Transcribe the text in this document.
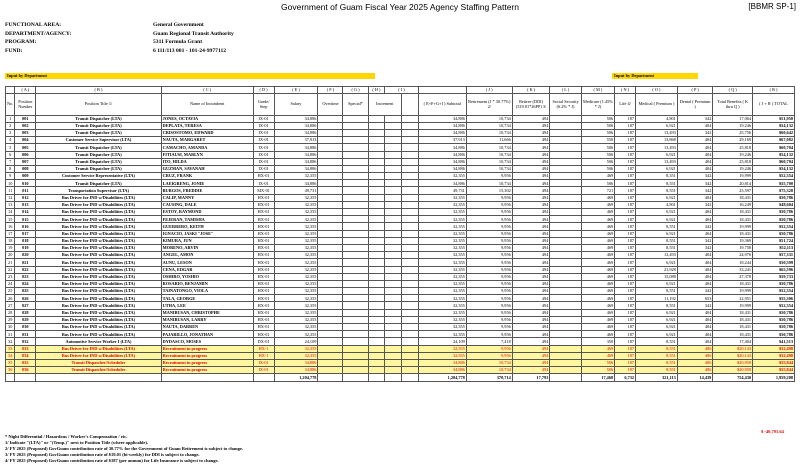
Government of Guam Fiscal Year 2025 Agency Staffing Pattern	[BBMR SP-1]
FUNCTIONAL AREA:	General Government
DEPARTMENT/AGENCY:	Guam Regional Transit Authority
PROGRAM:	5311 Formula Grant
FUND:	6 111/113 001 - 101-24-9977112
Input by Department	Input by Department
	( A )	( B )	( C )	( D )	( E )	( F )	( G )	( H )	( I )			( J )	( K )	( L )	( M )	( N )	( O )	( P )	( Q )	( R )
No.	Position Number	Position Title 1/	Name of Incumbent	Grade/ Step	Salary	Overtime	Special*	Increment			( E+F+G+I ) Subtotal	Retirement (J * 30.77%) 2/	Retiree (DDI) (519.01*26PP) 3/	Social Security (6.2% * J)	Medicare (1.45% * J)	Life 4/	Medical ( Premium )	Dental ( Premium )	Total Benefits ( K thru Q )	( J + R ) TOTAL
1	001	Transit Dispatcher (LTA)	JONES, OCTAVIA	IX-01	34,886						34,886	10,734	494		506	187	4,801	342	17,064	$51,950
2	002	Transit Dispatcher (LTA)	DEPLATA, TERESA	IX-01	34,886						34,886	10,734	494		506	187	6,921	404	19,246	$54,132
3	003	Transit Dispatcher (LTA)	CRISOSTOMO, EDWARD	IX-01	34,886						34,886	10,734	494		506	187	13,493	342	25,756	$60,642
4	004	Customer Service Supervisor (LTA)	NAUTA, MARGARET	JX-01	37,913						37,913	11,666	494		550	187	13,868	404	29,169	$67,082
5	005	Transit Dispatcher (LTA)	CAMACHO, AMANDA	IX-01	34,886						34,886	10,734	494		506	187	13,493	404	25,818	$60,704
6	006	Transit Dispatcher (LTA)	FITIAUSI, MARLYN	IX-01	34,886						34,886	10,734	494		506	187	6,921	404	19,246	$54,132
7	007	Transit Dispatcher (LTA)	ITO, HILDA	IX-01	34,886						34,886	10,734	494		506	187	13,493	404	25,818	$60,704
8	008	Transit Dispatcher (LTA)	GUZMAN, SAVANAH	IX-01	34,886						34,886	10,734	494		506	187	6,921	404	19,246	$54,132
9	009	Customer Service Representative (LTA)	CRUZ, FRANK	HX-01	32,355						32,355	9,956	494		469	187	8,351	342	19,999	$52,354
10	010	Transit Dispatcher (LTA)	LAEIGRENG, JONIE	IX-01	34,886						34,886	10,734	494		506	187	8,551	342	20,814	$55,700
11	011	Transportation Supervisor (LTA)	BURGOS, FREDDIE	MX-01	49,731						49,731	15,302	494		721	187	8,551	342	25,597	$75,328
12	012	Bus Driver for IND w/Disabilities (LTA)	CALIP, MANNY	HX-01	32,355						32,355	9,956	494		469	187	6,921	404	18,431	$50,786
13	013	Bus Driver for IND w/Disabilities (LTA)	CAUSING, DALE	HX-01	32,355						32,355	9,956	494		469	187	4,801	342	16,249	$48,604
14	014	Bus Driver for IND w/Disabilities (LTA)	ESTOY, RAYMOND	HX-01	32,355						32,355	9,956	494		469	187	6,921	404	18,431	$50,786
15	015	Bus Driver for IND w/Disabilities (LTA)	FEJERAN, TAMISHA	HX-01	32,355						32,355	9,956	494		469	187	6,921	404	18,431	$50,786
16	016	Bus Driver for IND w/Disabilities (LTA)	GUERRERO, KEITH	HX-01	32,355						32,355	9,956	494		469	187	8,551	342	19,999	$52,354
17	017	Bus Driver for IND w/Disabilities (LTA)	IGNACIO, JASKI "JOSE"	HX-01	32,355						32,355	9,956	494		469	187	6,921	404	18,431	$50,786
18	018	Bus Driver for IND w/Disabilities (LTA)	KIMURA, JUN	HX-01	32,355						32,355	9,956	494		469	187	8,551	342	19,369	$51,724
19	019	Bus Driver for IND w/Disabilities (LTA)	MORENO, ARVIN	HX-01	32,355						32,355	9,956	494		469	187	8,551	342	19,758	$52,113
20	020	Bus Driver for IND w/Disabilities (LTA)	ANGEL, AMON	HX-01	32,355						32,355	9,956	494		469	187	13,493	404	24,976	$57,331
21	021	Bus Driver for IND w/Disabilities (LTA)	AUNU, LESON	HX-01	32,355						32,355	9,956	494		469	187	6,921	404	18,244	$50,599
22	022	Bus Driver for IND w/Disabilities (LTA)	CENA, EDGAR	HX-01	32,355						32,355	9,956	494		469	187	21,928	404	33,241	$65,596
23	023	Bus Driver for IND w/Disabilities (LTA)	OSHIRO, YOSHIO	HX-01	32,355						32,355	9,956	494		469	187	15,088	404	27,378	$59,733
24	024	Bus Driver for IND w/Disabilities (LTA)	ROSARIO, BENJAMIN	HX-01	32,355						32,355	9,956	494		469	187	6,921	404	18,431	$50,786
25	025	Bus Driver for IND w/Disabilities (LTA)	TAINATONGO, VIOLA	HX-01	32,355						32,355	9,956	494		469	187	8,551	342	19,999	$52,354
26	026	Bus Driver for IND w/Disabilities (LTA)	TALA, GEORGE	HX-01	32,355						32,355	9,956	494		469	187	11,192	653	22,951	$55,306
27	027	Bus Driver for IND w/Disabilities (LTA)	UTHA, LEE	HX-01	32,355						32,355	9,956	494		469	187	8,551	342	19,999	$52,354
28	028	Bus Driver for IND w/Disabilities (LTA)	MANIBUSAN, CHRISTOPHE	HX-01	32,355						32,355	9,956	494		469	187	6,921	404	18,431	$50,786
29	029	Bus Driver for IND w/Disabilities (LTA)	MANIBUSAN, LARRY	HX-01	32,355						32,355	9,956	494		469	187	6,921	404	18,431	$50,786
30	030	Bus Driver for IND w/Disabilities (LTA)	NAUTA, DARREN	HX-01	32,355						32,355	9,956	494		469	187	6,921	404	18,431	$50,786
31	031	Bus Driver for IND w/Disabilities (LTA)	PAJARILLO, JONATHAN	HX-01	32,355						32,355	9,956	494		469	187	6,921	404	18,431	$50,786
32	032	Automotive Service Worker I (LTA)	DYDASCO, MOSES	DX-01	24,109						24,109	7,418	494		350	187	8,551	404	17,404	$41,513
33	033	Bus Driver for IND w/Disabilities (LTA)	Recruitment in progress	HX-1	32,355						32,355	9,956	494		469	187	8,551	486	$20,143	$52,498
34	034	Bus Driver for IND w/Disabilities (LTA)	Recruitment in progress	HX-1	32,355						32,355	9,956	494		469	187	8,551	486	$20,143	$52,498
35	035	Transit Dispatcher/Scheduler	Recruitment in progress	IX-01	34,886						34,886	10,734	494		506	187	8,551	486	$20,958	$55,844
36	036	Transit Dispatcher/Scheduler	Recruitment in progress	IX-01	34,886						34,886	10,734	494		506	187	8,551	486	$20,958	$55,844
					1,204,778						1,204,778	370,714	17,793		17,468	6,732	321,113	14,439	754,430	1,959,208
$ -40,791.64
* Night Differential / Hazardous / Worker's Compensation / etc.
1/ Indicate "(LTA)" or "(Temp.)" next to Position Title (where applicable).
2/ FY 2025 (Proposed) GovGuam contribution rate of 30.77% for the Government of Guam Retirement is subject to change.
3/ FY 2025 (Proposed) GovGuam contribution rate of $19.01 (bi-weekly) for DDI is subject to change.
4/ FY 2025 (Proposed) GovGuam contribution rate of $187 (per annum) for Life Insurance is subject to change.
